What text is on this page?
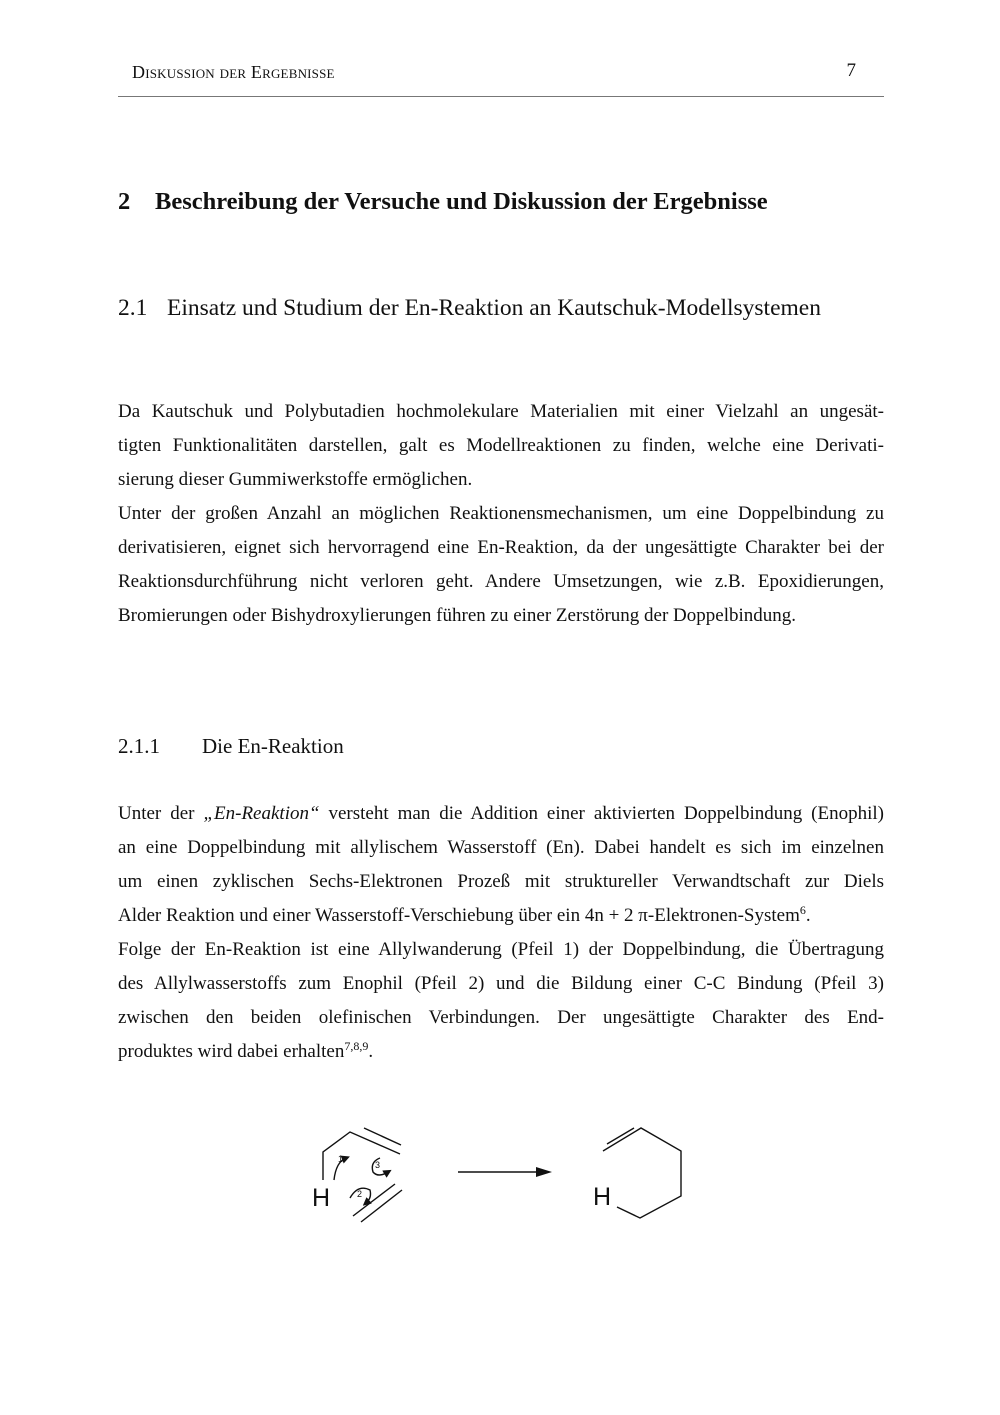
Diskussion der Ergebnisse	7
2 Beschreibung der Versuche und Diskussion der Ergebnisse
2.1 Einsatz und Studium der En-Reaktion an Kautschuk-Modellsystemen
Da Kautschuk und Polybutadien hochmolekulare Materialien mit einer Vielzahl an ungesät-
tigten Funktionalitäten darstellen, galt es Modellreaktionen zu finden, welche eine Derivati-
sierung dieser Gummiwerkstoffe ermöglichen.
Unter der großen Anzahl an möglichen Reaktionensmechanismen, um eine Doppelbindung zu
derivatisieren, eignet sich hervorragend eine En-Reaktion, da der ungesättigte Charakter bei der
Reaktionsdurchführung nicht verloren geht. Andere Umsetzungen, wie z.B. Epoxidierungen,
Bromierungen oder Bishydroxylierungen führen zu einer Zerstörung der Doppelbindung.
2.1.1 Die En-Reaktion
Unter der „En-Reaktion“ versteht man die Addition einer aktivierten Doppelbindung (Enophil)
an eine Doppelbindung mit allylischem Wasserstoff (En). Dabei handelt es sich im einzelnen
um einen zyklischen Sechs-Elektronen Prozeß mit struktureller Verwandtschaft zur Diels
Alder Reaktion und einer Wasserstoff-Verschiebung über ein 4n + 2 π-Elektronen-System$^6$.
Folge der En-Reaktion ist eine Allylwanderung (Pfeil 1) der Doppelbindung, die Übertragung
des Allylwasserstoffs zum Enophil (Pfeil 2) und die Bildung einer C-C Bindung (Pfeil 3)
zwischen den beiden olefinischen Verbindungen. Der ungesättigte Charakter des End-
produktes wird dabei erhalten$^{7,8,9}$.
H
1
3
2	H
